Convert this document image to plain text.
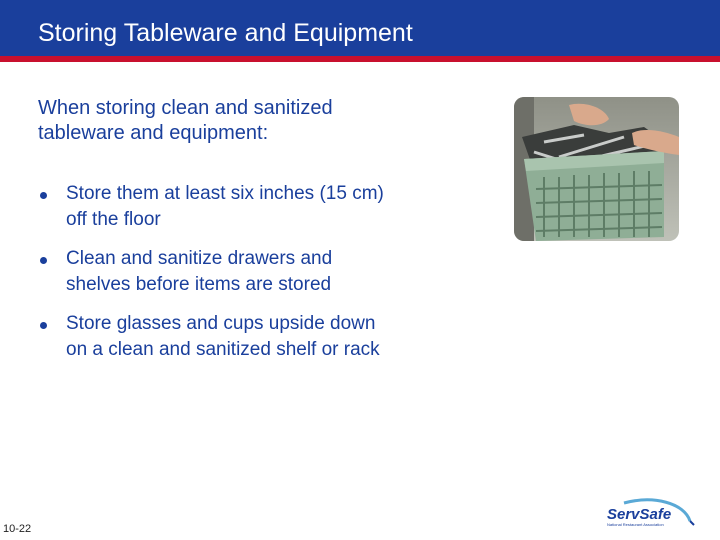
Storing Tableware and Equipment
When storing clean and sanitized tableware and equipment:
Store them at least six inches (15 cm) off the floor
Clean and sanitize drawers and shelves before items are stored
Store glasses and cups upside down on a clean and sanitized shelf or rack
10-22
ServSafe
National Restaurant Association
